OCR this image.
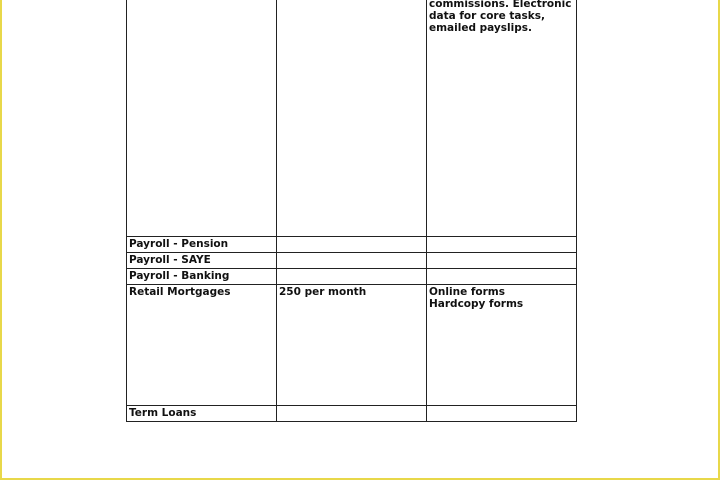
		commissions. Electronic
data for core tasks,
emailed payslips.

Payroll - Pension		
Payroll - SAYE		
Payroll - Banking		
Retail Mortgages	250 per month	Online forms
Hardcopy forms

Term Loans		
